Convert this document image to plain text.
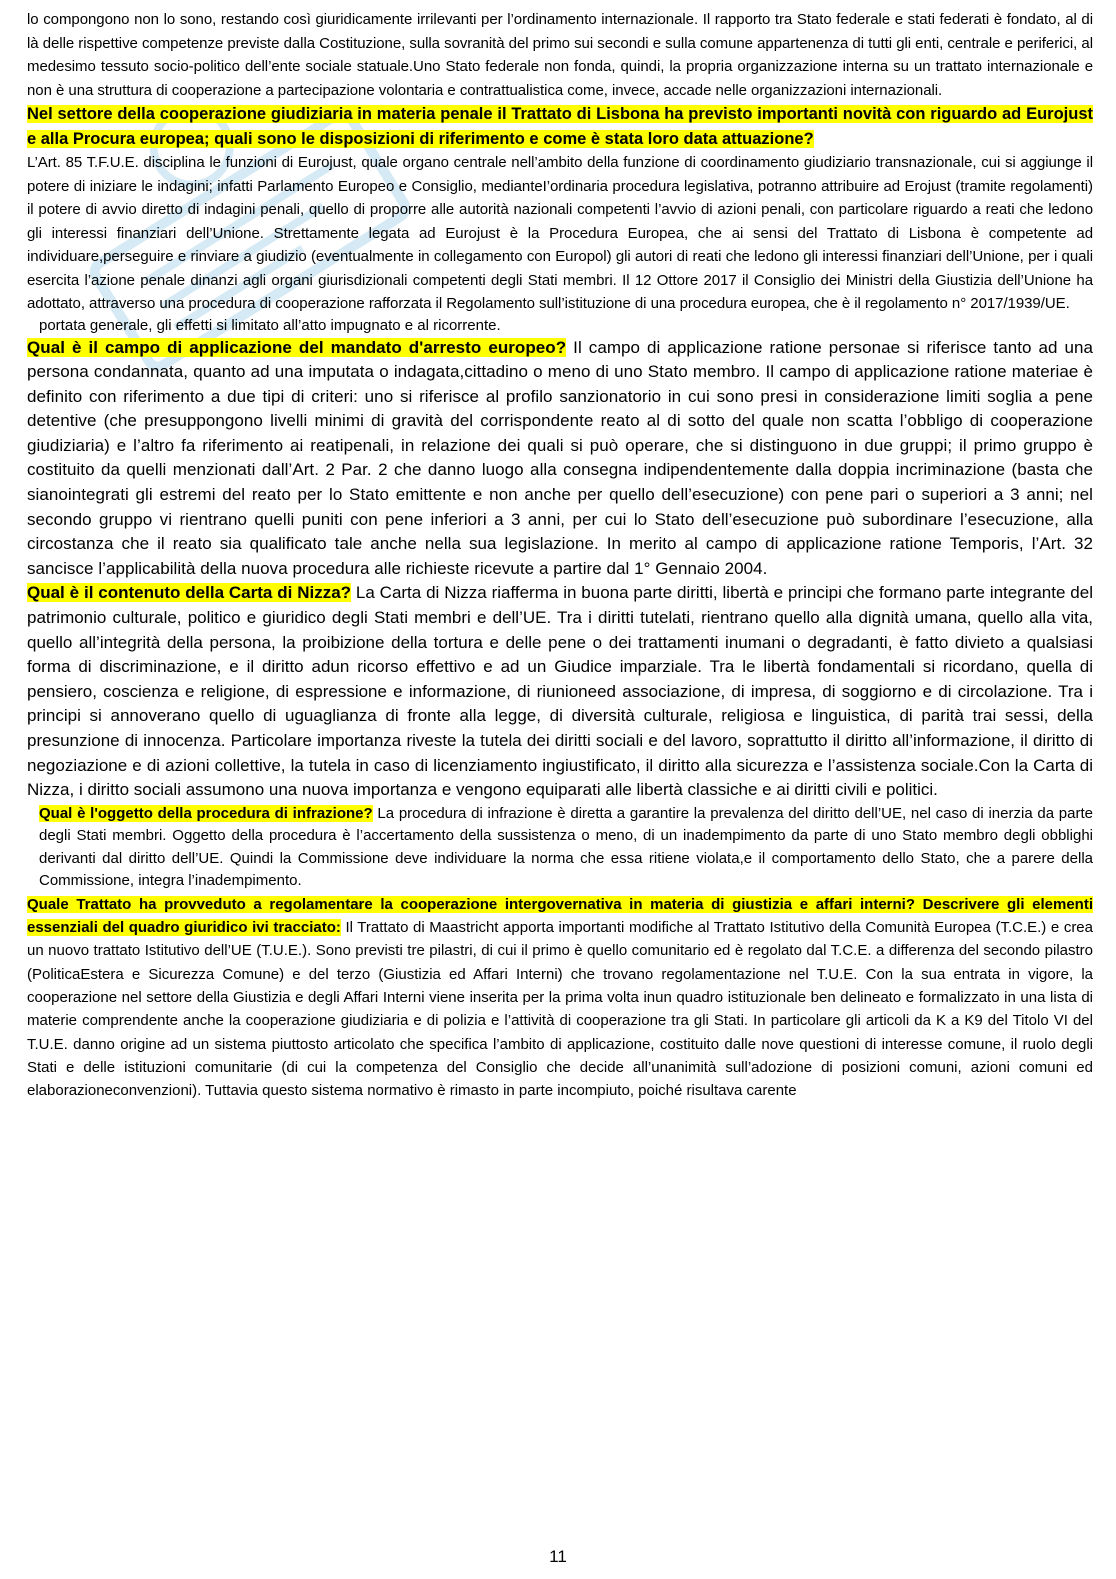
lo compongono non lo sono, restando così giuridicamente irrilevanti per l’ordinamento internazionale. Il rapporto tra Stato federale e stati federati è fondato, al di là delle rispettive competenze previste dalla Costituzione, sulla sovranità del primo sui secondi e sulla comune appartenenza di tutti gli enti, centrale e periferici, al medesimo tessuto socio-politico dell’ente sociale statuale.Uno Stato federale non fonda, quindi, la propria organizzazione interna su un trattato internazionale e non è una struttura di cooperazione a partecipazione volontaria e contrattualistica come, invece, accade nelle organizzazioni internazionali.

Nel settore della cooperazione giudiziaria in materia penale il Trattato di Lisbona ha previsto importanti novità con riguardo ad Eurojust e alla Procura europea; quali sono le disposizioni di riferimento e come è stata loro data attuazione?

L’Art. 85 T.F.U.E. disciplina le funzioni di Eurojust, quale organo centrale nell’ambito della funzione di coordinamento giudiziario transnazionale, cui si aggiunge il potere di iniziare le indagini; infatti Parlamento Europeo e Consiglio, medianteI’ordinaria procedura legislativa, potranno attribuire ad Erojust (tramite regolamenti) il potere di avvio diretto di indagini penali, quello di proporre alle autorità nazionali competenti l’avvio di azioni penali, con particolare riguardo a reati che ledono gli interessi finanziari dell’Unione. Strettamente legata ad Eurojust è la Procedura Europea, che ai sensi del Trattato di Lisbona è competente ad individuare,perseguire e rinviare a giudizio (eventualmente in collegamento con Europol) gli autori di reati che ledono gli interessi finanziari dell’Unione, per i quali esercita l’azione penale dinanzi agli organi giurisdizionali competenti degli Stati membri. Il 12 Ottore 2017 il Consiglio dei Ministri della Giustizia dell’Unione ha adottato, attraverso una procedura di cooperazione rafforzata il Regolamento sull’istituzione di una procedura europea, che è il regolamento n° 2017/1939/UE.

portata generale, gli effetti si limitato all’atto impugnato e al ricorrente.

Qual è il campo di applicazione del mandato d'arresto europeo? Il campo di applicazione ratione personae si riferisce tanto ad una persona condannata, quanto ad una imputata o indagata,cittadino o meno di uno Stato membro. Il campo di applicazione ratione materiae è definito con riferimento a due tipi di criteri: uno si riferisce al profilo sanzionatorio in cui sono presi in considerazione limiti soglia a pene detentive (che presuppongono livelli minimi di gravità del corrispondente reato al di sotto del quale non scatta l’obbligo di cooperazione giudiziaria) e l’altro fa riferimento ai reatipenali, in relazione dei quali si può operare, che si distinguono in due gruppi; il primo gruppo è costituito da quelli menzionati dall’Art. 2 Par. 2 che danno luogo alla consegna indipendentemente dalla doppia incriminazione (basta che sianointegrati gli estremi del reato per lo Stato emittente e non anche per quello dell’esecuzione) con pene pari o superiori a 3 anni; nel secondo gruppo vi rientrano quelli puniti con pene inferiori a 3 anni, per cui lo Stato dell’esecuzione può subordinare l’esecuzione, alla circostanza che il reato sia qualificato tale anche nella sua legislazione. In merito al campo di applicazione ratione Temporis, l’Art. 32 sancisce l’applicabilità della nuova procedura alle richieste ricevute a partire dal 1° Gennaio 2004.

Qual è il contenuto della Carta di Nizza? La Carta di Nizza riafferma in buona parte diritti, libertà e principi che formano parte integrante del patrimonio culturale, politico e giuridico degli Stati membri e dell’UE. Tra i diritti tutelati, rientrano quello alla dignità umana, quello alla vita, quello all’integrità della persona, la proibizione della tortura e delle pene o dei trattamenti inumani o degradanti, è fatto divieto a qualsiasi forma di discriminazione, e il diritto adun ricorso effettivo e ad un Giudice imparziale. Tra le libertà fondamentali si ricordano, quella di pensiero, coscienza e religione, di espressione e informazione, di riunioneed associazione, di impresa, di soggiorno e di circolazione. Tra i principi si annoverano quello di uguaglianza di fronte alla legge, di diversità culturale, religiosa e linguistica, di parità trai sessi, della presunzione di innocenza. Particolare importanza riveste la tutela dei diritti sociali e del lavoro, soprattutto il diritto all’informazione, il diritto di negoziazione e di azioni collettive, la tutela in caso di licenziamento ingiustificato, il diritto alla sicurezza e l’assistenza sociale.Con la Carta di Nizza, i diritto sociali assumono una nuova importanza e vengono equiparati alle libertà classiche e ai diritti civili e politici.

Qual è l'oggetto della procedura di infrazione? La procedura di infrazione è diretta a garantire la prevalenza del diritto dell’UE, nel caso di inerzia da parte degli Stati membri. Oggetto della procedura è l’accertamento della sussistenza o meno, di un inadempimento da parte di uno Stato membro degli obblighi derivanti dal diritto dell’UE. Quindi la Commissione deve individuare la norma che essa ritiene violata,e il comportamento dello Stato, che a parere della Commissione, integra l’inadempimento.

Quale Trattato ha provveduto a regolamentare la cooperazione intergovernativa in materia di giustizia e affari interni? Descrivere gli elementi essenziali del quadro giuridico ivi tracciato: Il Trattato di Maastricht apporta importanti modifiche al Trattato Istitutivo della Comunità Europea (T.C.E.) e crea un nuovo trattato Istitutivo dell’UE (T.U.E.). Sono previsti tre pilastri, di cui il primo è quello comunitario ed è regolato dal T.C.E. a differenza del secondo pilastro (PoliticaEstera e Sicurezza Comune) e del terzo (Giustizia ed Affari Interni) che trovano regolamentazione nel T.U.E. Con la sua entrata in vigore, la cooperazione nel settore della Giustizia e degli Affari Interni viene inserita per la prima volta inun quadro istituzionale ben delineato e formalizzato in una lista di materie comprendente anche la cooperazione giudiziaria e di polizia e l’attività di cooperazione tra gli Stati. In particolare gli articoli da K a K9 del Titolo VI del T.U.E. danno origine ad un sistema piuttosto articolato che specifica l’ambito di applicazione, costituito dalle nove questioni di interesse comune, il ruolo degli Stati e delle istituzioni comunitarie (di cui la competenza del Consiglio che decide all’unanimità sull’adozione di posizioni comuni, azioni comuni ed elaborazioneconvenzioni). Tuttavia questo sistema normativo è rimasto in parte incompiuto, poiché risultava carente

11
